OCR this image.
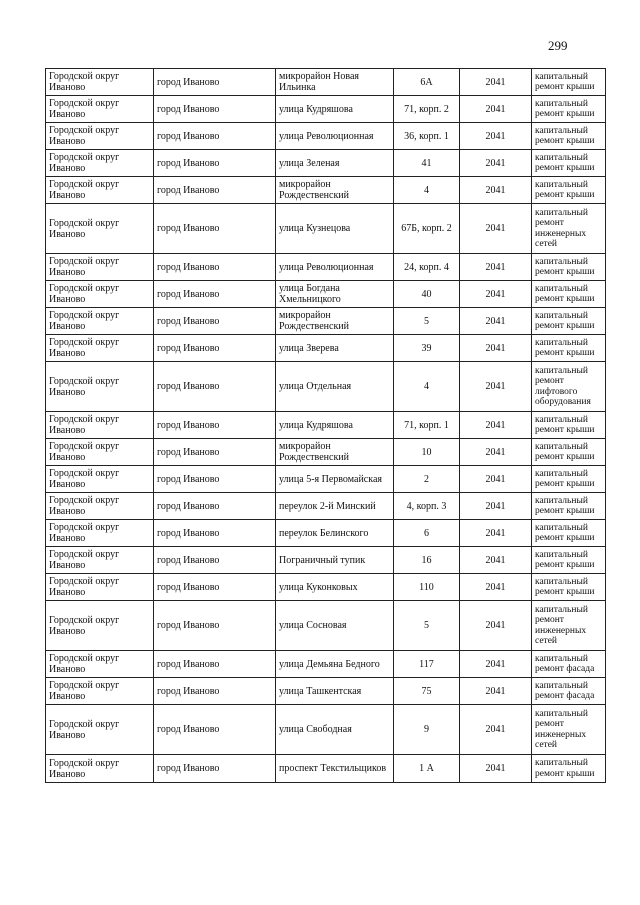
299
Городской округ Иваново	город Иваново	микрорайон Новая Ильинка	6А	2041	капитальный ремонт крыши
Городской округ Иваново	город Иваново	улица Кудряшова	71, корп. 2	2041	капитальный ремонт крыши
Городской округ Иваново	город Иваново	улица Революционная	36, корп. 1	2041	капитальный ремонт крыши
Городской округ Иваново	город Иваново	улица Зеленая	41	2041	капитальный ремонт крыши
Городской округ Иваново	город Иваново	микрорайон Рождественский	4	2041	капитальный ремонт крыши
Городской округ Иваново	город Иваново	улица Кузнецова	67Б, корп. 2	2041	капитальный ремонт инженерных сетей
Городской округ Иваново	город Иваново	улица Революционная	24, корп. 4	2041	капитальный ремонт крыши
Городской округ Иваново	город Иваново	улица Богдана Хмельницкого	40	2041	капитальный ремонт крыши
Городской округ Иваново	город Иваново	микрорайон Рождественский	5	2041	капитальный ремонт крыши
Городской округ Иваново	город Иваново	улица Зверева	39	2041	капитальный ремонт крыши
Городской округ Иваново	город Иваново	улица Отдельная	4	2041	капитальный ремонт лифтового оборудования
Городской округ Иваново	город Иваново	улица Кудряшова	71, корп. 1	2041	капитальный ремонт крыши
Городской округ Иваново	город Иваново	микрорайон Рождественский	10	2041	капитальный ремонт крыши
Городской округ Иваново	город Иваново	улица 5-я Первомайская	2	2041	капитальный ремонт крыши
Городской округ Иваново	город Иваново	переулок 2-й Минский	4, корп. 3	2041	капитальный ремонт крыши
Городской округ Иваново	город Иваново	переулок Белинского	6	2041	капитальный ремонт крыши
Городской округ Иваново	город Иваново	Пограничный тупик	16	2041	капитальный ремонт крыши
Городской округ Иваново	город Иваново	улица Куконковых	110	2041	капитальный ремонт крыши
Городской округ Иваново	город Иваново	улица Сосновая	5	2041	капитальный ремонт инженерных сетей
Городской округ Иваново	город Иваново	улица Демьяна Бедного	117	2041	капитальный ремонт фасада
Городской округ Иваново	город Иваново	улица Ташкентская	75	2041	капитальный ремонт фасада
Городской округ Иваново	город Иваново	улица Свободная	9	2041	капитальный ремонт инженерных сетей
Городской округ Иваново	город Иваново	проспект Текстильщиков	1 А	2041	капитальный ремонт крыши
